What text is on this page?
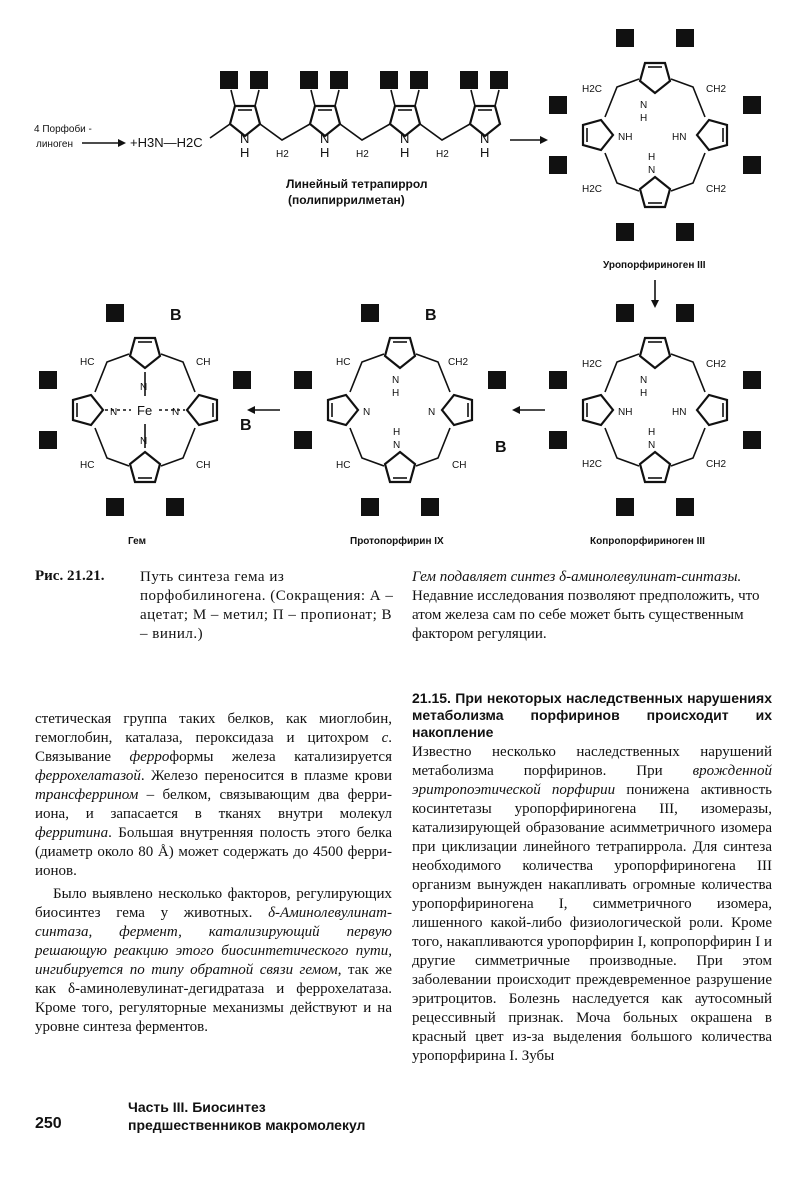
4 Порфоби -
линоген	+H3N—H2C	N
H
N
H
N
H
N
H
H2	H2	H2
Линейный тетрапиррол
(полипиррилметан)
N
H
NH	HN
H
N
H2C	CH2
H2C	CH2
Уропорфириноген III
N
H
NH	HN
H
N
H2C	CH2
H2C	CH2
Копропорфириноген III
B
B
N
H
N	N
H
N
HC	CH2
HC	CH
Протопорфирин IX
Fe
B
B
N
N	N
N
HC	CH
HC	CH
Гем
Рис. 21.21. Путь синтеза гема из порфобилиногена. (Сокращения: А – ацетат; М – метил; П – пропионат; В – винил.)
Гем подавляет синтез δ-аминолевулинат-синтазы. Недавние исследования позволяют предположить, что атом железа сам по себе может быть существенным фактором регуляции.

стетическая группа таких белков, как миоглобин, гемоглобин, каталаза, пероксидаза и цитохром c. Связывание ферроформы железа катализируется феррохелатазой. Железо переносится в плазме крови трансферрином – белком, связывающим два ферри-иона, и запасается в тканях внутри молекул ферритина. Большая внутренняя полость этого белка (диаметр около 80 Å) может содержать до 4500 ферри-ионов.

Было выявлено несколько факторов, регулирующих биосинтез гема у животных. δ-Аминолевулинат-синтаза, фермент, катализирующий первую решающую реакцию этого биосинтетического пути, ингибируется по типу обратной связи гемом, так же как δ-аминолевулинат-дегидратаза и феррохелатаза. Кроме того, регуляторные механизмы действуют и на уровне синтеза ферментов.

21.15. При некоторых наследственных нарушениях метаболизма порфиринов происходит их накопление

Известно несколько наследственных нарушений метаболизма порфиринов. При врожденной эритропоэтической порфирии понижена активность косинтетазы уропорфириногена III, изомеразы, катализирующей образование асимметричного изомера при циклизации линейного тетрапиррола. Для синтеза необходимого количества уропорфириногена III организм вынужден накапливать огромные количества уропорфириногена I, симметричного изомера, лишенного какой-либо физиологической роли. Кроме того, накапливаются уропорфирин I, копропорфирин I и другие симметричные производные. При этом заболевании происходит преждевременное разрушение эритроцитов. Болезнь наследуется как аутосомный рецессивный признак. Моча больных окрашена в красный цвет из-за выделения большого количества уропорфирина I. Зубы

Часть III. Биосинтез
предшественников макромолекул
250
